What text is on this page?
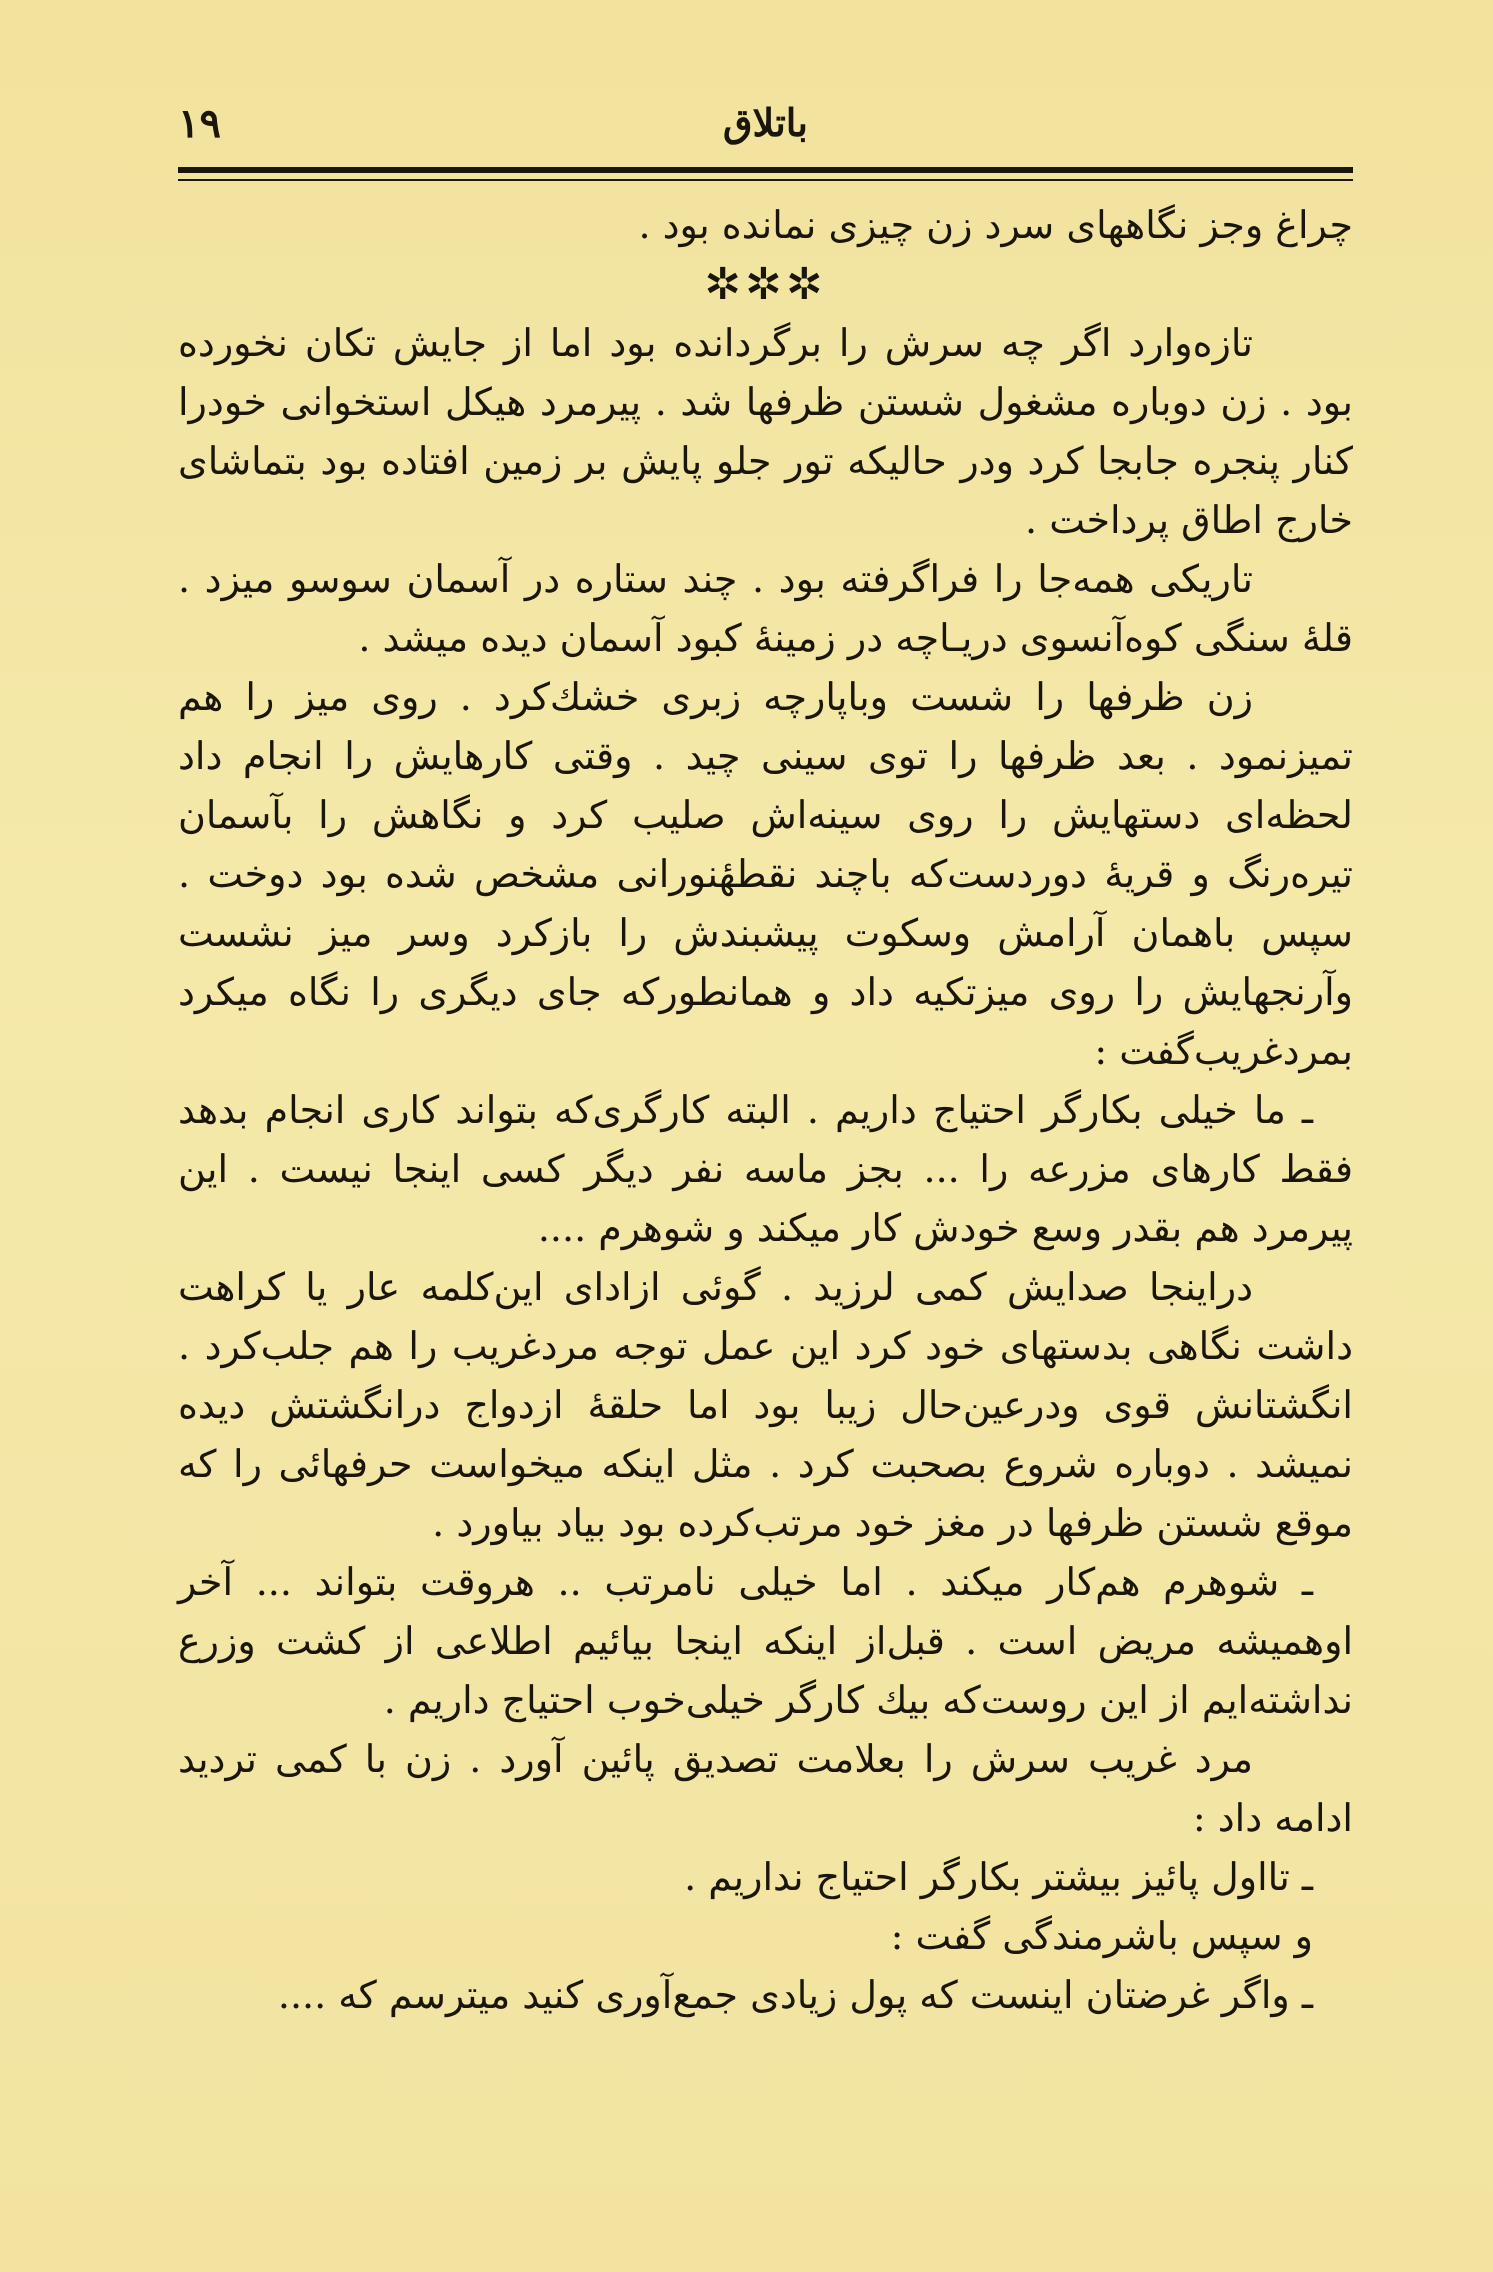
۱۹	باتلاق

چراغ وجز نگاههای سرد زن چیزی نمانده بود .

✲✲✲

تازه‌وارد اگر چه سرش را برگردانده بود اما از جایش تکان نخورده بود . زن دوباره مشغول شستن ظرفها شد . پیرمرد هیکل استخوانی خودرا کنار پنجره جابجا کرد ودر حالیکه تور جلو پایش بر زمین افتاده بود بتماشای خارج اطاق پرداخت .

تاریکی همه‌جا را فراگرفته بود . چند ستاره در آسمان سوسو میزد . قلهٔ سنگی کوه‌آنسوی دریـاچه در زمینهٔ کبود آسمان دیده میشد .

زن ظرفها را شست وباپارچه زبری خشك‌کرد . روی میز را هم تمیزنمود . بعد ظرفها را توی سینی چید . وقتی کارهایش را انجام داد لحظه‌ای دستهایش را روی سینه‌اش صلیب کرد و نگاهش را بآسمان تیره‌رنگ و قریهٔ دوردست‌که باچند نقطهٔنورانی مشخص شده بود دوخت . سپس باهمان آرامش وسکوت پیشبندش را بازکرد وسر میز نشست وآرنجهایش را روی میزتکیه داد و همانطورکه جای دیگری را نگاه میکرد بمردغریب‌گفت :

ـ ما خیلی بکارگر احتیاج داریم . البته کارگری‌که بتواند کاری انجام بدهد فقط کارهای مزرعه را ... بجز ماسه نفر دیگر کسی اینجا نیست . این پیرمرد هم بقدر وسع خودش کار میکند و شوهرم ....

دراینجا صدایش کمی لرزید . گوئی ازادای این‌کلمه عار یا کراهت داشت نگاهی بدستهای خود کرد این عمل توجه مردغریب را هم جلب‌کرد . انگشتانش قوی ودرعین‌حال زیبا بود اما حلقهٔ ازدواج درانگشتش دیده نمیشد . دوباره شروع بصحبت کرد . مثل اینکه میخواست حرفهائی را که موقع شستن ظرفها در مغز خود مرتب‌کرده بود بیاد بیاورد .

ـ شوهرم هم‌کار میکند . اما خیلی نامرتب .. هروقت بتواند ... آخر اوهمیشه مریض است . قبل‌از اینکه اینجا بیائیم اطلاعی از کشت وزرع نداشته‌ایم از این روست‌که بیك کارگر خیلی‌خوب احتیاج داریم .

مرد غریب سرش را بعلامت تصدیق پائین آورد . زن با کمی تردید ادامه داد :

ـ تااول پائیز بیشتر بکارگر احتیاج نداریم .

و سپس باشرمندگی گفت :

ـ واگر غرضتان اینست که پول زیادی جمع‌آوری کنید میترسم که ....
